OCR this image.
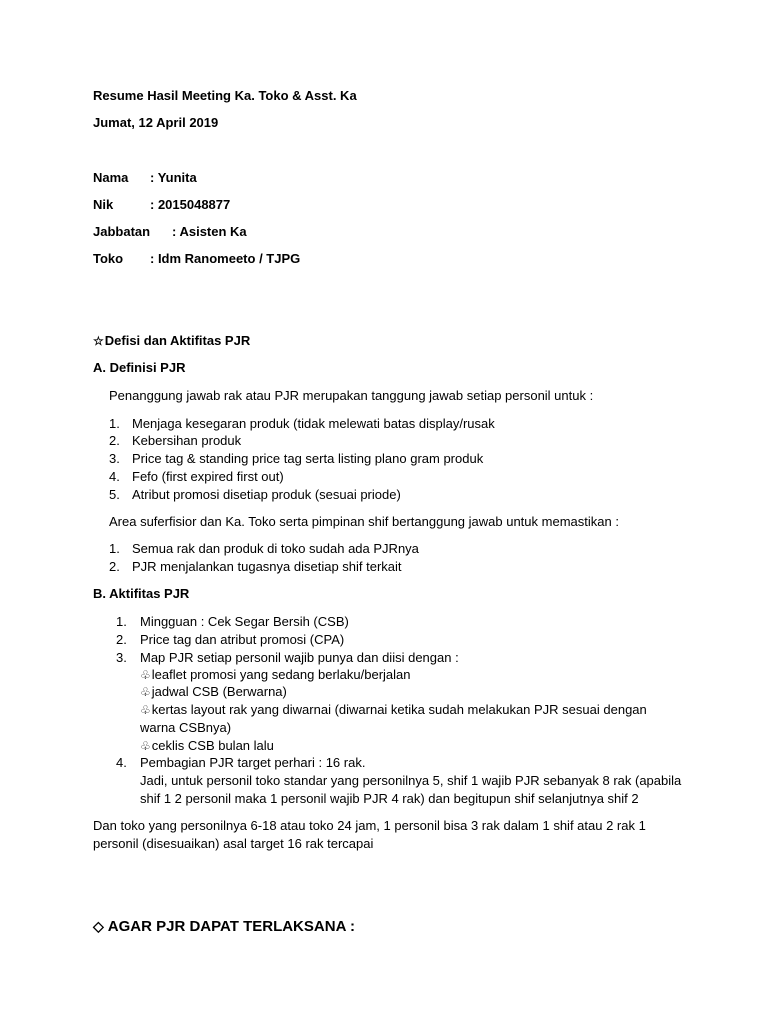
Resume Hasil Meeting Ka. Toko & Asst. Ka
Jumat, 12 April 2019
Nama : Yunita
Nik	: 2015048877
Jabbatan : Asisten Ka
Toko : Idm Ranomeeto / TJPG
☆Defisi dan Aktifitas PJR
A. Definisi PJR
Penanggung jawab rak atau PJR merupakan tanggung jawab setiap personil untuk :
1. Menjaga kesegaran produk (tidak melewati batas display/rusak
2. Kebersihan produk
3. Price tag & standing price tag serta listing plano gram produk
4. Fefo (first expired first out)
5. Atribut promosi disetiap produk (sesuai priode)
Area suferfisior dan Ka. Toko serta pimpinan shif bertanggung jawab untuk memastikan :
1. Semua rak dan produk di toko sudah ada PJRnya
2. PJR menjalankan tugasnya disetiap shif terkait
B. Aktifitas PJR
1. Mingguan : Cek Segar Bersih (CSB)
2. Price tag dan atribut promosi (CPA)
3. Map PJR setiap personil wajib punya dan diisi dengan :
♧leaflet promosi yang sedang berlaku/berjalan
♧jadwal CSB (Berwarna)
♧kertas layout rak yang diwarnai (diwarnai ketika sudah melakukan PJR sesuai dengan
warna CSBnya)
♧ceklis CSB bulan lalu
4. Pembagian PJR target perhari : 16 rak.
Jadi, untuk personil toko standar yang personilnya 5, shif 1 wajib PJR sebanyak 8 rak (apabila
shif 1 2 personil maka 1 personil wajib PJR 4 rak) dan begitupun shif selanjutnya shif 2
Dan toko yang personilnya 6-18 atau toko 24 jam, 1 personil bisa 3 rak dalam 1 shif atau 2 rak 1
personil (disesuaikan) asal target 16 rak tercapai
◇ AGAR PJR DAPAT TERLAKSANA :
